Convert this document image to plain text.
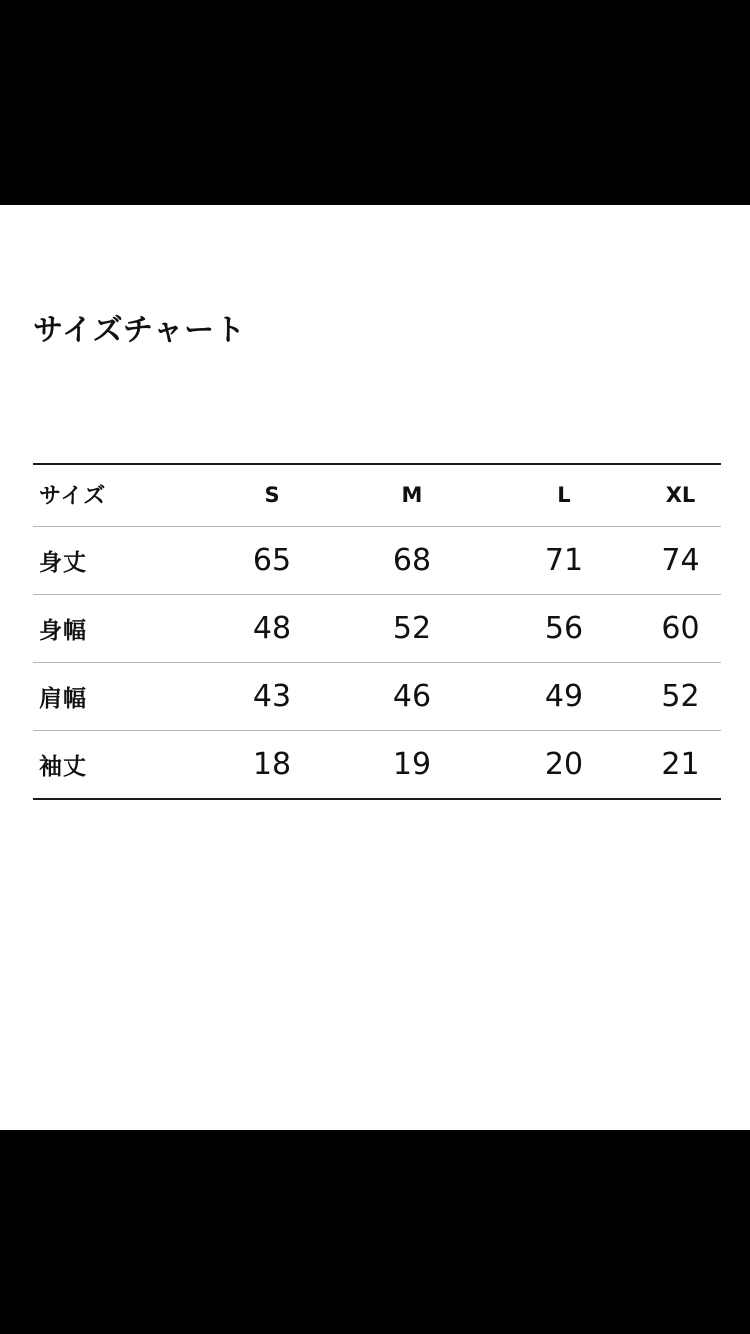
サイズチャート
サイズ	S	M	L	XL
身丈	65	68	71	74
身幅	48	52	56	60
肩幅	43	46	49	52
袖丈	18	19	20	21
